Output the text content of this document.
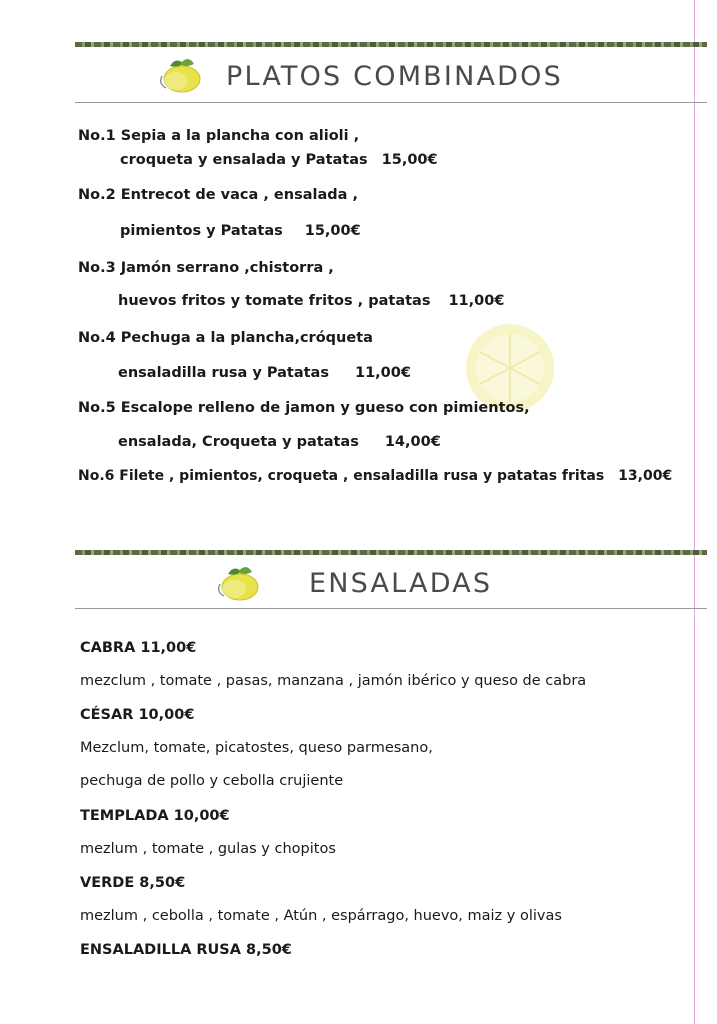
PLATOS COMBINADOS
No.1 Sepia a la plancha con alioli ,
croqueta y ensalada y Patatas 15,00€
No.2 Entrecot de vaca , ensalada ,
pimientos y Patatas 15,00€
No.3 Jamón serrano ,chistorra ,
huevos fritos y tomate fritos , patatas 11,00€
No.4 Pechuga a la plancha,cróqueta
ensaladilla rusa y Patatas 11,00€
No.5 Escalope relleno de jamon y gueso con pimientos,
ensalada, Croqueta y patatas 14,00€
No.6 Filete , pimientos, croqueta , ensaladilla rusa y patatas fritas 13,00€
ENSALADAS
CABRA 11,00€
mezclum , tomate , pasas, manzana , jamón ibérico y queso de cabra
CÉSAR 10,00€
Mezclum, tomate, picatostes, queso parmesano,
pechuga de pollo y cebolla crujiente
TEMPLADA 10,00€
mezlum , tomate , gulas y chopitos
VERDE 8,50€
mezlum , cebolla , tomate , Atún , espárrago, huevo, maiz y olivas
ENSALADILLA RUSA 8,50€
